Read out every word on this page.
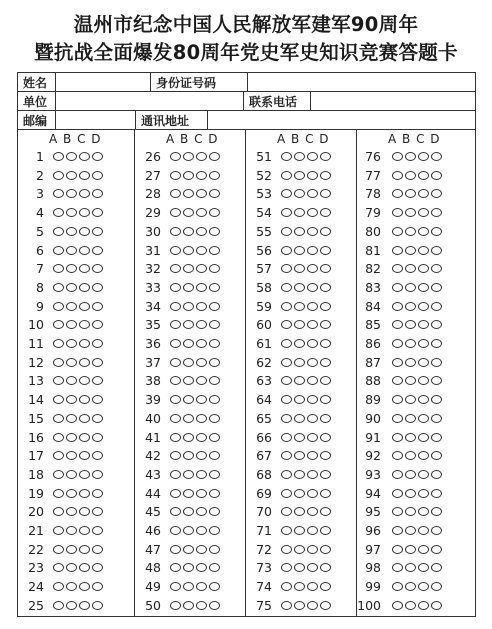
温州市纪念中国人民解放军建军90周年
暨抗战全面爆发80周年党史军史知识竞赛答题卡
姓名	身份证号码
单位	联系电话
邮编	通讯地址
A B C D
1
2
3
4
5
6
7
8
9
10
11
12
13
14
15
16
17
18
19
20
21
22
23
24
25
A B C D
26
27
28
29
30
31
32
33
34
35
36
37
38
39
40
41
42
43
44
45
46
47
48
49
50
A B C D
51
52
53
54
55
56
57
58
59
60
61
62
63
64
65
66
67
68
69
70
71
72
73
74
75
A B C D
76
77
78
79
80
81
82
83
84
85
86
87
88
89
90
91
92
93
94
95
96
97
98
99
100
